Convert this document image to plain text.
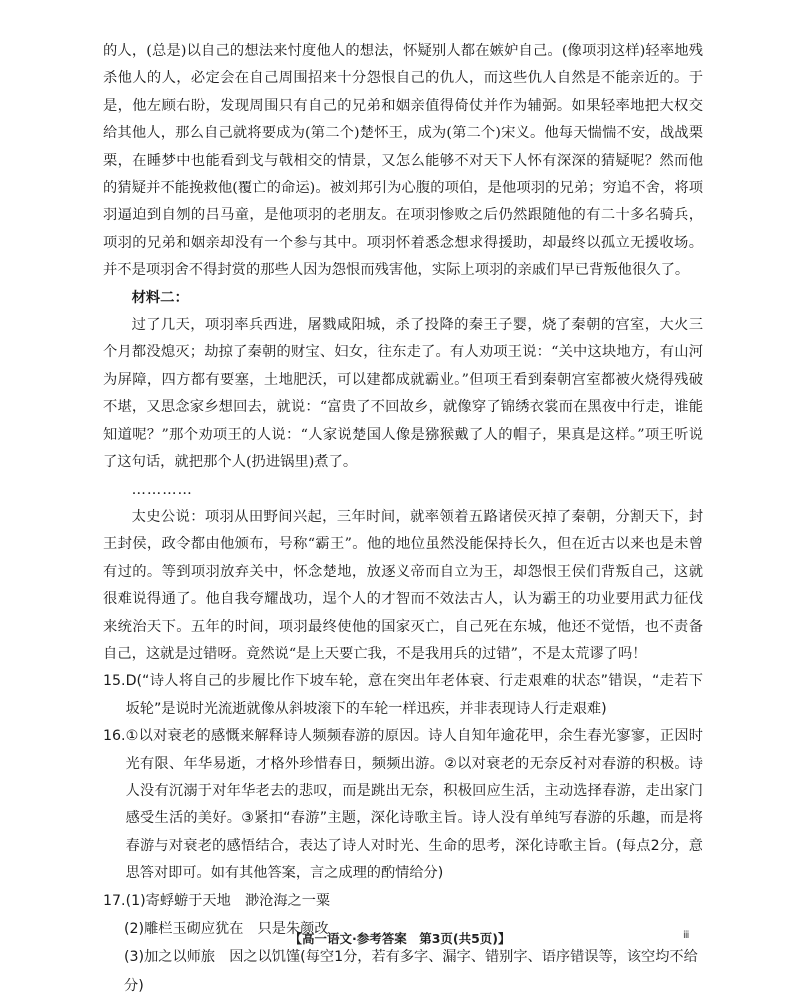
的人，(总是)以自己的想法来忖度他人的想法，怀疑别人都在嫉妒自己。(像项羽这样)轻率地残杀他人的人，必定会在自己周围招来十分怨恨自己的仇人，而这些仇人自然是不能亲近的。于是，他左顾右盼，发现周围只有自己的兄弟和姻亲值得倚仗并作为辅弼。如果轻率地把大权交给其他人，那么自己就将要成为(第二个)楚怀王，成为(第二个)宋义。他每天惴惴不安，战战栗栗，在睡梦中也能看到戈与戟相交的情景，又怎么能够不对天下人怀有深深的猜疑呢？然而他的猜疑并不能挽救他(覆亡的命运)。被刘邦引为心腹的项伯，是他项羽的兄弟；穷追不舍，将项羽逼迫到自刎的吕马童，是他项羽的老朋友。在项羽惨败之后仍然跟随他的有二十多名骑兵，项羽的兄弟和姻亲却没有一个参与其中。项羽怀着悉念想求得援助，却最终以孤立无援收场。并不是项羽舍不得封赏的那些人因为怨恨而残害他，实际上项羽的亲戚们早已背叛他很久了。

材料二：

过了几天，项羽率兵西进，屠戮咸阳城，杀了投降的秦王子婴，烧了秦朝的宫室，大火三个月都没熄灭；劫掠了秦朝的财宝、妇女，往东走了。有人劝项王说：“关中这块地方，有山河为屏障，四方都有要塞，土地肥沃，可以建都成就霸业。”但项王看到秦朝宫室都被火烧得残破不堪，又思念家乡想回去，就说：“富贵了不回故乡，就像穿了锦绣衣裳而在黑夜中行走，谁能知道呢？”那个劝项王的人说：“人家说楚国人像是猕猴戴了人的帽子，果真是这样。”项王听说了这句话，就把那个人(扔进锅里)煮了。

…………

太史公说：项羽从田野间兴起，三年时间，就率领着五路诸侯灭掉了秦朝，分割天下，封王封侯，政令都由他颁布，号称“霸王”。他的地位虽然没能保持长久，但在近古以来也是未曾有过的。等到项羽放弃关中，怀念楚地，放逐义帝而自立为王，却怨恨王侯们背叛自己，这就很难说得通了。他自我夸耀战功，逞个人的才智而不效法古人，认为霸王的功业要用武力征伐来统治天下。五年的时间，项羽最终使他的国家灭亡，自己死在东城，他还不觉悟，也不责备自己，这就是过错呀。竟然说“是上天要亡我，不是我用兵的过错”，不是太荒谬了吗！

15. D(“诗人将自己的步履比作下坡车轮，意在突出年老体衰、行走艰难的状态”错误，“走若下坂轮”是说时光流逝就像从斜坡滚下的车轮一样迅疾，并非表现诗人行走艰难)
16. ①以对衰老的感慨来解释诗人频频春游的原因。诗人自知年逾花甲，余生春光寥寥，正因时光有限、年华易逝，才格外珍惜春日，频频出游。②以对衰老的无奈反衬对春游的积极。诗人没有沉溺于对年华老去的悲叹，而是跳出无奈，积极回应生活，主动选择春游，走出家门感受生活的美好。③紧扣“春游”主题，深化诗歌主旨。诗人没有单纯写春游的乐趣，而是将春游与对衰老的感悟结合，表达了诗人对时光、生命的思考，深化诗歌主旨。(每点2分，意思答对即可。如有其他答案，言之成理的酌情给分)
17. (1)寄蜉蝣于天地　渺沧海之一粟

(2)雕栏玉砌应犹在　只是朱颜改

(3)加之以师旅　因之以饥馑(每空1分，若有多字、漏字、错别字、语序错误等，该空均不给分)

【高一语文·参考答案　第3页(共5页)】	ⅲ
